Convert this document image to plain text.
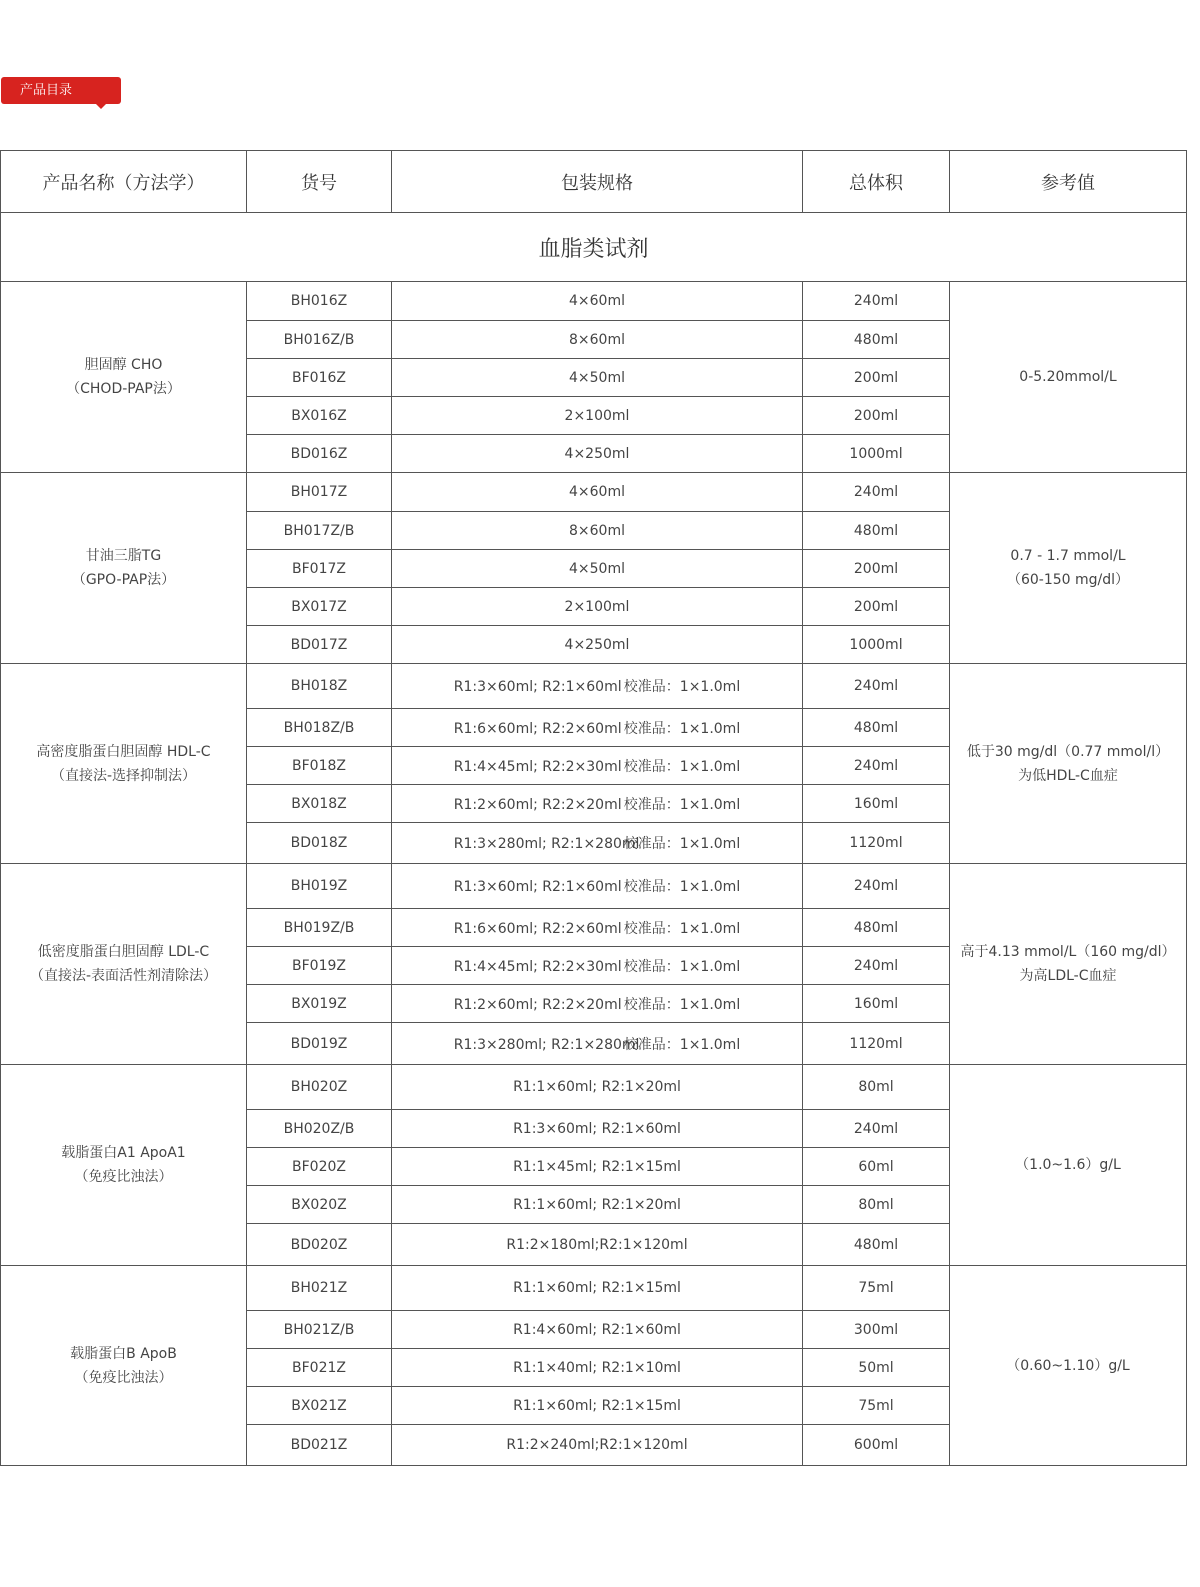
产品目录
产品名称（方法学）	货号	包装规格	总体积	参考值
血脂类试剂				

胆固醇 CHO
（CHOD-PAP法）	BH016Z	4×60ml	240ml	0-5.20mmol/L

	BH016Z/B	8×60ml	480ml	
	BF016Z	4×50ml	200ml	
	BX016Z	2×100ml	200ml	
	BD016Z	4×250ml	1000ml	

甘油三脂TG
（GPO-PAP法）	BH017Z	4×60ml	240ml	0.7 - 1.7 mmol/L
（60-150 mg/dl）

	BH017Z/B	8×60ml	480ml	
	BF017Z	4×50ml	200ml	
	BX017Z	2×100ml	200ml	
	BD017Z	4×250ml	1000ml	

高密度脂蛋白胆固醇 HDL-C
（直接法-选择抑制法）	BH018Z	R1:3×60ml; R2:1×60ml 校准品：1×1.0ml	240ml	低于30 mg/dl（0.77 mmol/l）
为低HDL-C血症

	BH018Z/B	R1:6×60ml; R2:2×60ml 校准品：1×1.0ml	480ml	
	BF018Z	R1:4×45ml; R2:2×30ml 校准品：1×1.0ml	240ml	
	BX018Z	R1:2×60ml; R2:2×20ml 校准品：1×1.0ml	160ml	
	BD018Z	R1:3×280ml; R2:1×280ml校准品：1×1.0ml	1120ml	

低密度脂蛋白胆固醇 LDL-C
（直接法-表面活性剂清除法）	BH019Z	R1:3×60ml; R2:1×60ml 校准品：1×1.0ml	240ml	高于4.13 mmol/L（160 mg/dl）
为高LDL-C血症

	BH019Z/B	R1:6×60ml; R2:2×60ml 校准品：1×1.0ml	480ml	
	BF019Z	R1:4×45ml; R2:2×30ml 校准品：1×1.0ml	240ml	
	BX019Z	R1:2×60ml; R2:2×20ml 校准品：1×1.0ml	160ml	
	BD019Z	R1:3×280ml; R2:1×280ml校准品：1×1.0ml	1120ml	

载脂蛋白A1 ApoA1
（免疫比浊法）	BH020Z	R1:1×60ml; R2:1×20ml	80ml	（1.0~1.6）g/L

	BH020Z/B	R1:3×60ml; R2:1×60ml	240ml	
	BF020Z	R1:1×45ml; R2:1×15ml	60ml	
	BX020Z	R1:1×60ml; R2:1×20ml	80ml	
	BD020Z	R1:2×180ml;R2:1×120ml	480ml	

载脂蛋白B ApoB
（免疫比浊法）	BH021Z	R1:1×60ml; R2:1×15ml	75ml	（0.60~1.10）g/L

	BH021Z/B	R1:4×60ml; R2:1×60ml	300ml	
	BF021Z	R1:1×40ml; R2:1×10ml	50ml	
	BX021Z	R1:1×60ml; R2:1×15ml	75ml	
	BD021Z	R1:2×240ml;R2:1×120ml	600ml	
